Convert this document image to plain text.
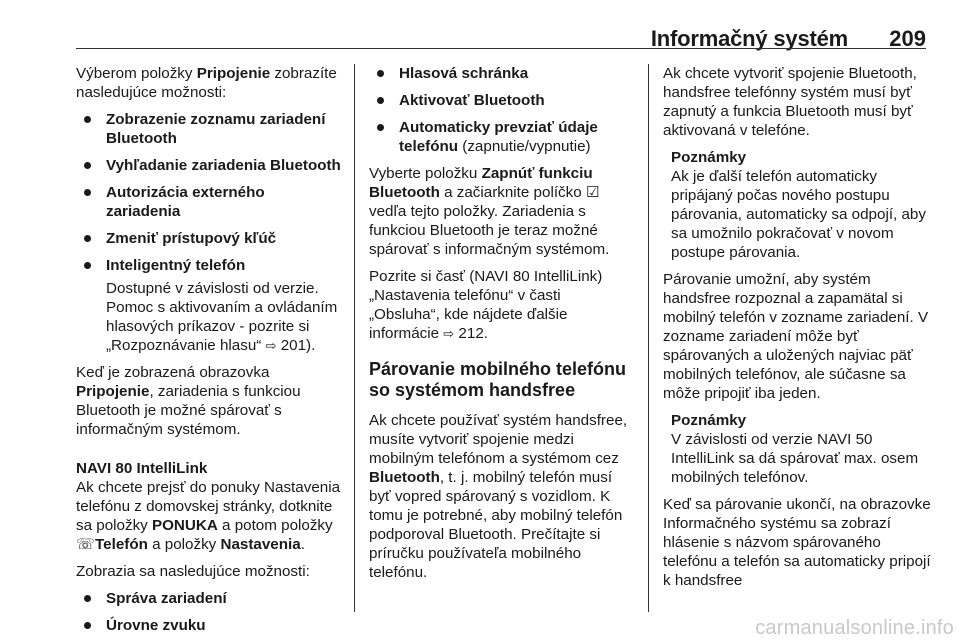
Informačný systém 209

Výberom položky Pripojenie zobrazíte nasledujúce možnosti:

Zobrazenie zoznamu zariadení Bluetooth
Vyhľadanie zariadenia Bluetooth
Autorizácia externého zariadenia
Zmeniť prístupový kľúč
Inteligentný telefón
Dostupné v závislosti od verzie. Pomoc s aktivovaním a ovládaním hlasových príkazov - pozrite si „Rozpoznávanie hlasu“ ⇨ 201).

Keď je zobrazená obrazovka Pripojenie, zariadenia s funkciou Bluetooth je možné spárovať s informačným systémom.

NAVI 80 IntelliLink

Ak chcete prejsť do ponuky Nastavenia telefónu z domovskej stránky, dotknite sa položky PONUKA a potom položky ☏Telefón a položky Nastavenia.

Zobrazia sa nasledujúce možnosti:

Správa zariadení
Úrovne zvuku
Hlasová schránka
Aktivovať Bluetooth
Automaticky prevziať údaje telefónu (zapnutie/vypnutie)

Vyberte položku Zapnúť funkciu Bluetooth a začiarknite políčko ☑ vedľa tejto položky. Zariadenia s funkciou Bluetooth je teraz možné spárovať s informačným systémom.

Pozrite si časť (NAVI 80 IntelliLink) „Nastavenia telefónu“ v časti „Obsluha“, kde nájdete ďalšie informácie ⇨ 212.

Párovanie mobilného telefónu so systémom handsfree

Ak chcete používať systém handsfree, musíte vytvoriť spojenie medzi mobilným telefónom a systémom cez Bluetooth, t. j. mobilný telefón musí byť vopred spárovaný s vozidlom. K tomu je potrebné, aby mobilný telefón podporoval Bluetooth. Prečítajte si príručku používateľa mobilného telefónu.

Ak chcete vytvoriť spojenie Bluetooth, handsfree telefónny systém musí byť zapnutý a funkcia Bluetooth musí byť aktivovaná v telefóne.

Poznámky
Ak je ďalší telefón automaticky pripájaný počas nového postupu párovania, automaticky sa odpojí, aby sa umožnilo pokračovať v novom postupe párovania.

Párovanie umožní, aby systém handsfree rozpoznal a zapamätal si mobilný telefón v zozname zariadení. V zozname zariadení môže byť spárovaných a uložených najviac päť mobilných telefónov, ale súčasne sa môže pripojiť iba jeden.

Poznámky
V závislosti od verzie NAVI 50 IntelliLink sa dá spárovať max. osem mobilných telefónov.

Keď sa párovanie ukončí, na obrazovke Informačného systému sa zobrazí hlásenie s názvom spárovaného telefónu a telefón sa automaticky pripojí k handsfree

carmanualsonline.info
